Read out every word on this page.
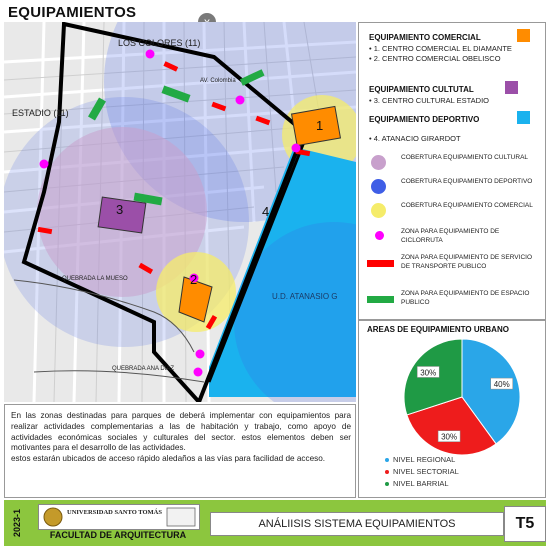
EQUIPAMIENTOS
LOS COLORES (11)
ESTADIO (11)
QUEBRADA LA MUESO
QUEBRADA ANA DIAZ
U.D. ATANASIO G
AV. Colombia
1
2
3	4
EQUIPAMIENTO COMERCIAL
• 1. CENTRO COMERCIAL EL DIAMANTE
• 2. CENTRO COMERCIAL OBELISCO
EQUIPAMIENTO CULTUTAL
• 3. CENTRO CULTURAL ESTADIO
EQUIPAMIENTO DEPORTIVO
• 4. ATANACIO GIRARDOT
COBERTURA EQUIPAMIENTO CULTURAL
COBERTURA EQUIPAMIENTO DEPORTIVO
COBERTURA EQUIPAMIENTO COMERCIAL
ZONA PARA EQUIPAMIENTO DE CICLORRUTA
ZONA PARA EQUIPAMIENTO DE SERVICIO DE TRANSPORTE PUBLICO
ZONA PARA EQUIPAMIENTO DE ESPACIO PUBLICO
AREAS DE EQUIPAMIENTO URBANO
40%
30%
30%
NIVEL REGIONAL
NIVEL SECTORIAL
NIVEL BARRIAL
En las zonas destinadas para parques de deberá implementar con equipamientos para realizar actividades complementarias a las de habitación y trabajo, como apoyo de actividades económicas sociales y culturales del sector. estos elementos deben ser motivantes para el desarrollo de las actividades.
estos estarán ubicados de acceso rápido aledaños a las vías para facilidad de acceso.
2023-1	UNIVERSIDAD SANTO TOMÁS
FACULTAD DE ARQUITECTURA
ANÁLIISIS SISTEMA EQUIPAMIENTOS	T5
